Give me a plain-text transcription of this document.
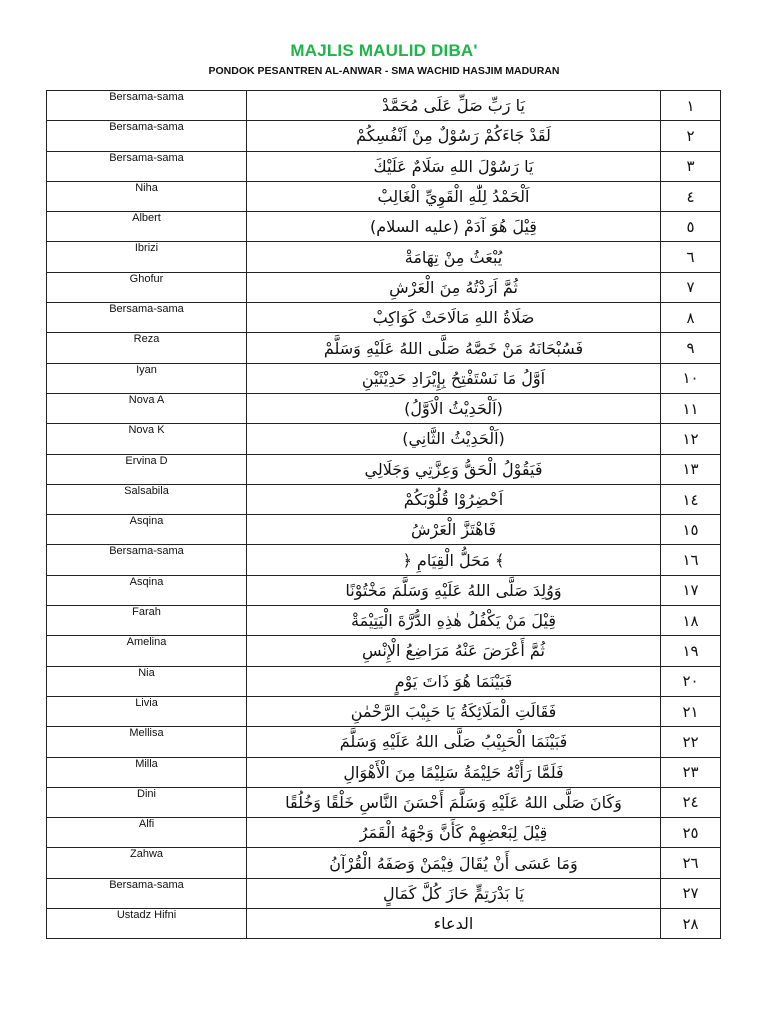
MAJLIS MAULID DIBA'
PONDOK PESANTREN AL-ANWAR - SMA WACHID HASJIM MADURAN
Bersama-sama	يَا رَبِّ صَلِّ عَلَى مُحَمَّدْ	١
Bersama-sama	لَقَدْ جَاءَكُمْ رَسُوْلٌ مِنْ اَنْفُسِكُمْ	٢
Bersama-sama	يَا رَسُوْلَ اللهِ سَلَامٌ عَلَيْكَ	٣
Niha	اَلْحَمْدُ لِلّٰهِ الْقَوِيِّ الْغَالِبْ	٤
Albert	قِيْلَ هُوَ آدَمْ (عليه السلام)	٥
Ibrizi	يُبْعَثُ مِنْ تِهَامَةْ	٦
Ghofur	ثُمَّ اَرَدْتُهُ مِنَ الْعَرْشِ	٧
Bersama-sama	صَلَاةُ اللهِ مَالَاحَتْ كَوَاكِبْ	٨
Reza	فَسُبْحَانَهُ مَنْ خَصَّهُ صَلَّى اللهُ عَلَيْهِ وَسَلَّمْ	٩
Iyan	اَوَّلُ مَا نَسْتَفْتِحُ بِإِيْرَادِ حَدِيْثَيْنِ	١٠
Nova A	(اَلْحَدِيْثُ الْاَوَّلُ)	١١
Nova K	(اَلْحَدِيْثُ الثَّانِي)	١٢
Ervina D	فَيَقُوْلُ الْحَقُّ وَعِزَّتِي وَجَلَالِي	١٣
Salsabila	اَحْضِرُوْا قُلُوْبَكُمْ	١٤
Asqina	فَاهْتَزَّ الْعَرْشُ	١٥
Bersama-sama	﴾ مَحَلُّ الْقِيَامِ ﴿	١٦
Asqina	وَوُلِدَ صَلَّى اللهُ عَلَيْهِ وَسَلَّمَ مَخْتُوْنًا	١٧
Farah	قِيْلَ مَنْ يَكْفُلُ هٰذِهِ الدُّرَّةَ الْيَتِيْمَةْ	١٨
Amelina	ثُمَّ أَعْرَضَ عَنْهُ مَرَاضِعُ الْإِنْسِ	١٩
Nia	فَبَيْنَمَا هُوَ ذَاتَ يَوْمٍ	٢٠
Livia	فَقَالَتِ الْمَلَائِكَةُ يَا حَبِيْبَ الرَّحْمٰنِ	٢١
Mellisa	فَبَيْنَمَا الْحَبِيْبُ صَلَّى اللهُ عَلَيْهِ وَسَلَّمَ	٢٢
Milla	فَلَمَّا رَأَتْهُ حَلِيْمَةُ سَلِيْمًا مِنَ الْأَهْوَالِ	٢٣
Dini	وَكَانَ صَلَّى اللهُ عَلَيْهِ وَسَلَّمَ أَحْسَنَ النَّاسِ خَلْقًا وَخُلُقًا	٢٤
Alfi	قِيْلَ لِبَعْضِهِمْ كَأَنَّ وَجْهَهُ الْقَمَرُ	٢٥
Zahwa	وَمَا عَسَى أَنْ يُقَالَ فِيْمَنْ وَصَفَهُ الْقُرْآنُ	٢٦
Bersama-sama	يَا بَدْرَتِمٍّ حَازَ كُلَّ كَمَالٍ	٢٧
Ustadz Hifni	الدعاء	٢٨
